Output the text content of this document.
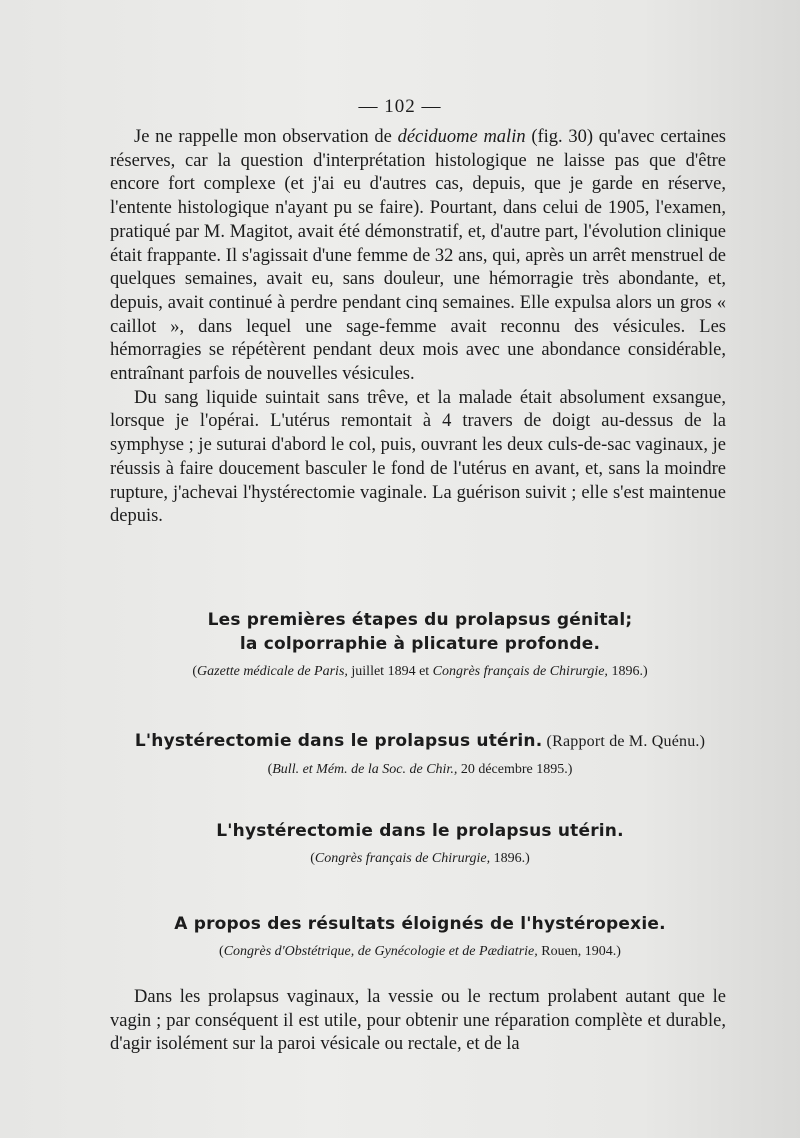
— 102 —

Je ne rappelle mon observation de déciduome malin (fig. 30) qu'avec certaines réserves, car la question d'interprétation histologique ne laisse pas que d'être encore fort complexe (et j'ai eu d'autres cas, depuis, que je garde en réserve, l'entente histologique n'ayant pu se faire). Pourtant, dans celui de 1905, l'examen, pratiqué par M. Magitot, avait été démonstratif, et, d'autre part, l'évolution clinique était frappante. Il s'agissait d'une femme de 32 ans, qui, après un arrêt menstruel de quelques semaines, avait eu, sans douleur, une hémorragie très abondante, et, depuis, avait continué à perdre pendant cinq semaines. Elle expulsa alors un gros « caillot », dans lequel une sage-femme avait reconnu des vésicules. Les hémorragies se répétèrent pendant deux mois avec une abondance considérable, entraînant parfois de nouvelles vésicules.

Du sang liquide suintait sans trêve, et la malade était absolument exsangue, lorsque je l'opérai. L'utérus remontait à 4 travers de doigt au-dessus de la symphyse ; je suturai d'abord le col, puis, ouvrant les deux culs-de-sac vaginaux, je réussis à faire doucement basculer le fond de l'utérus en avant, et, sans la moindre rupture, j'achevai l'hystérectomie vaginale. La guérison suivit ; elle s'est maintenue depuis.

Les premières étapes du prolapsus génital;
la colporraphie à plicature profonde.

(Gazette médicale de Paris, juillet 1894 et Congrès français de Chirurgie, 1896.)

L'hystérectomie dans le prolapsus utérin. (Rapport de M. Quénu.)

(Bull. et Mém. de la Soc. de Chir., 20 décembre 1895.)

L'hystérectomie dans le prolapsus utérin.

(Congrès français de Chirurgie, 1896.)

A propos des résultats éloignés de l'hystéropexie.

(Congrès d'Obstétrique, de Gynécologie et de Pædiatrie, Rouen, 1904.)

Dans les prolapsus vaginaux, la vessie ou le rectum prolabent autant que le vagin ; par conséquent il est utile, pour obtenir une réparation complète et durable, d'agir isolément sur la paroi vésicale ou rectale, et de la
